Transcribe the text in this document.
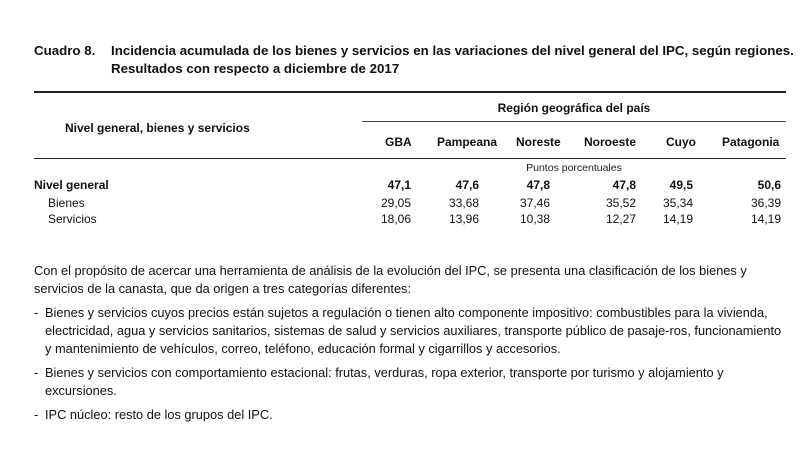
Cuadro 8. Incidencia acumulada de los bienes y servicios en las variaciones del nivel general del IPC, según regiones. Resultados con respecto a diciembre de 2017
Región geográfica del país
Nivel general, bienes y servicios
GBA Pampeana Noreste Noroeste Cuyo Patagonia
Puntos porcentuales
Nivel general	47,1	47,6	47,8	47,8	49,5	50,6
Bienes	29,05	33,68	37,46	35,52	35,34	36,39
Servicios	18,06	13,96	10,38	12,27	14,19	14,19
Con el propósito de acercar una herramienta de análisis de la evolución del IPC, se presenta una clasificación de los bienes y servicios de la canasta, que da origen a tres categorías diferentes:
- Bienes y servicios cuyos precios están sujetos a regulación o tienen alto componente impositivo: combustibles para la vivienda, electricidad, agua y servicios sanitarios, sistemas de salud y servicios auxiliares, transporte público de pasaje-ros, funcionamiento y mantenimiento de vehículos, correo, teléfono, educación formal y cigarrillos y accesorios.
- Bienes y servicios con comportamiento estacional: frutas, verduras, ropa exterior, transporte por turismo y alojamiento y excursiones.
- IPC núcleo: resto de los grupos del IPC.
